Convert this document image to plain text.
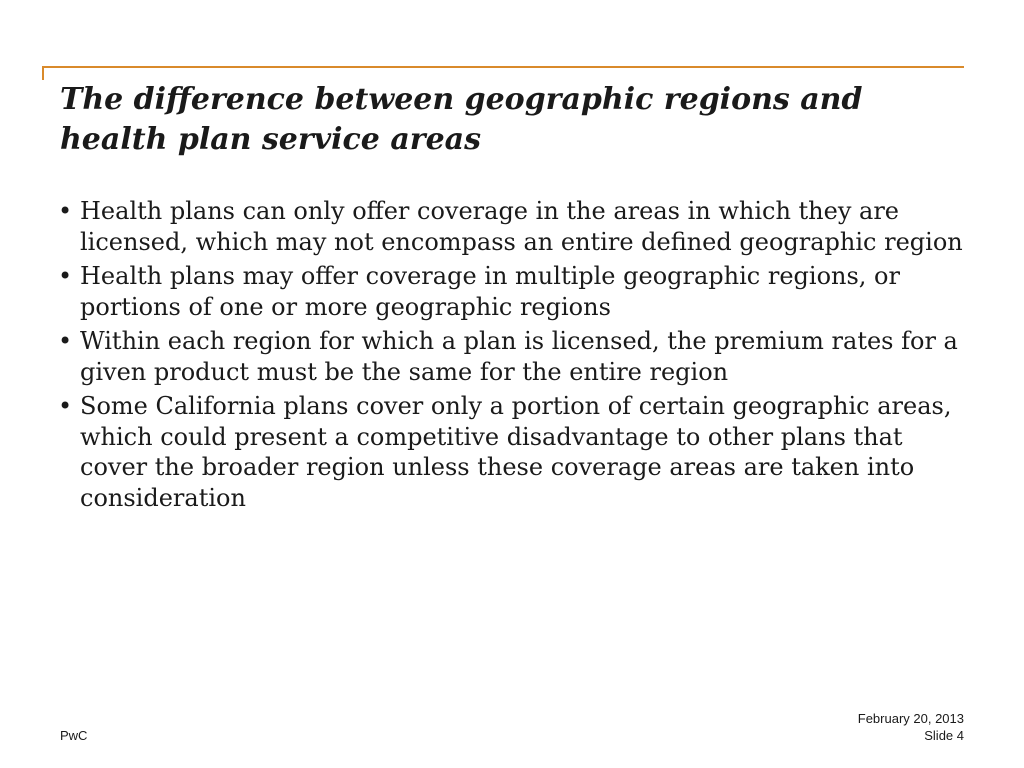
The difference between geographic regions and health plan service areas
• Health plans can only offer coverage in the areas in which they are licensed, which may not encompass an entire defined geographic region
• Health plans may offer coverage in multiple geographic regions, or portions of one or more geographic regions
• Within each region for which a plan is licensed, the premium rates for a given product must be the same for the entire region
• Some California plans cover only a portion of certain geographic areas, which could present a competitive disadvantage to other plans that cover the broader region unless these coverage areas are taken into consideration
PwC
February 20, 2013
Slide 4
